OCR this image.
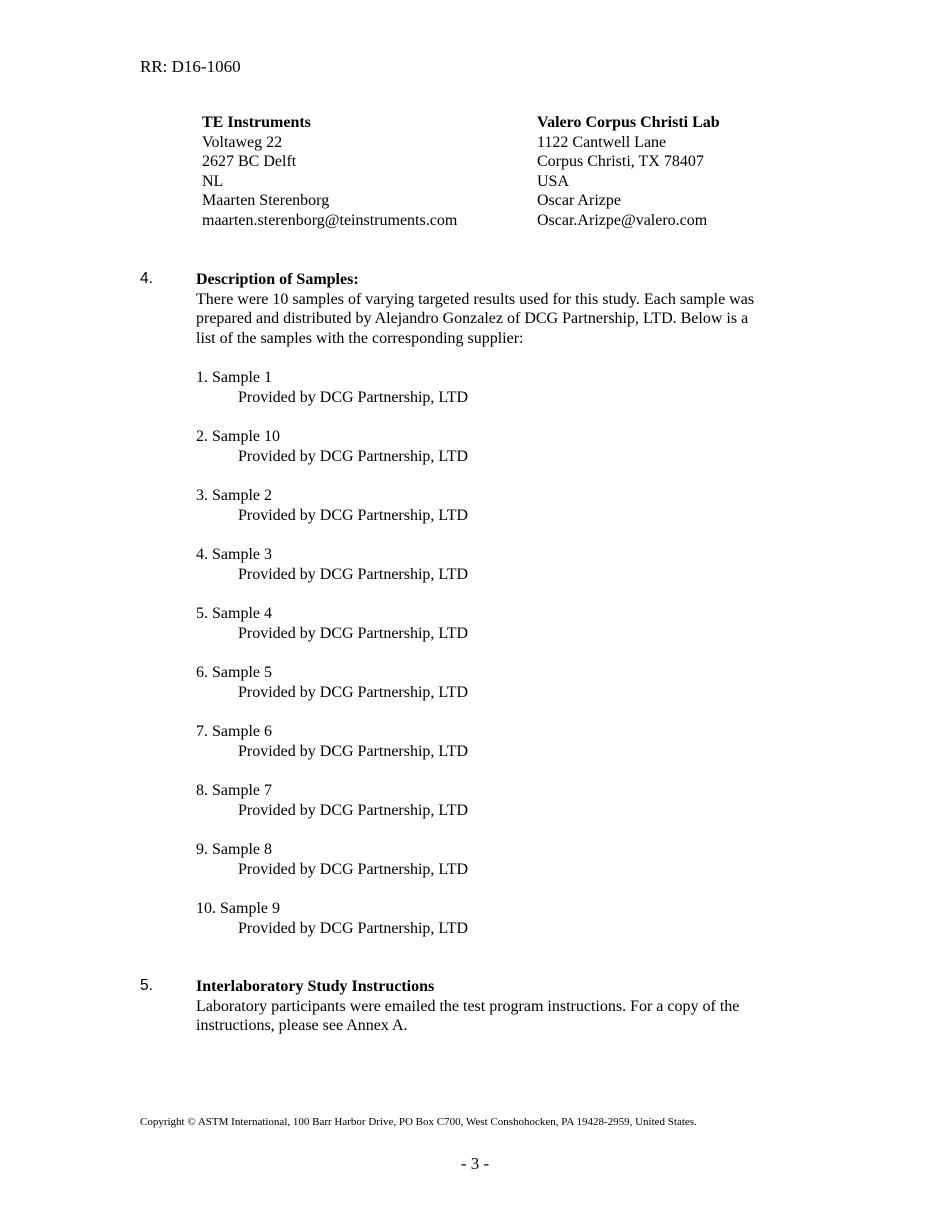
RR: D16-1060
TE Instruments
Voltaweg 22
2627 BC Delft
NL
Maarten Sterenborg
maarten.sterenborg@teinstruments.com
Valero Corpus Christi Lab
1122 Cantwell Lane
Corpus Christi, TX 78407
USA
Oscar Arizpe
Oscar.Arizpe@valero.com
4.	Description of Samples:

There were 10 samples of varying targeted results used for this study. Each sample was

prepared and distributed by Alejandro Gonzalez of DCG Partnership, LTD. Below is a

list of the samples with the corresponding supplier:

1. Sample 1
Provided by DCG Partnership, LTD
2. Sample 10
Provided by DCG Partnership, LTD
3. Sample 2
Provided by DCG Partnership, LTD
4. Sample 3
Provided by DCG Partnership, LTD
5. Sample 4
Provided by DCG Partnership, LTD
6. Sample 5
Provided by DCG Partnership, LTD
7. Sample 6
Provided by DCG Partnership, LTD
8. Sample 7
Provided by DCG Partnership, LTD
9. Sample 8
Provided by DCG Partnership, LTD
10. Sample 9
Provided by DCG Partnership, LTD
5.	Interlaboratory Study Instructions

Laboratory participants were emailed the test program instructions. For a copy of the

instructions, please see Annex A.

Copyright © ASTM International, 100 Barr Harbor Drive, PO Box C700, West Conshohocken, PA 19428-2959, United States.
- 3 -
